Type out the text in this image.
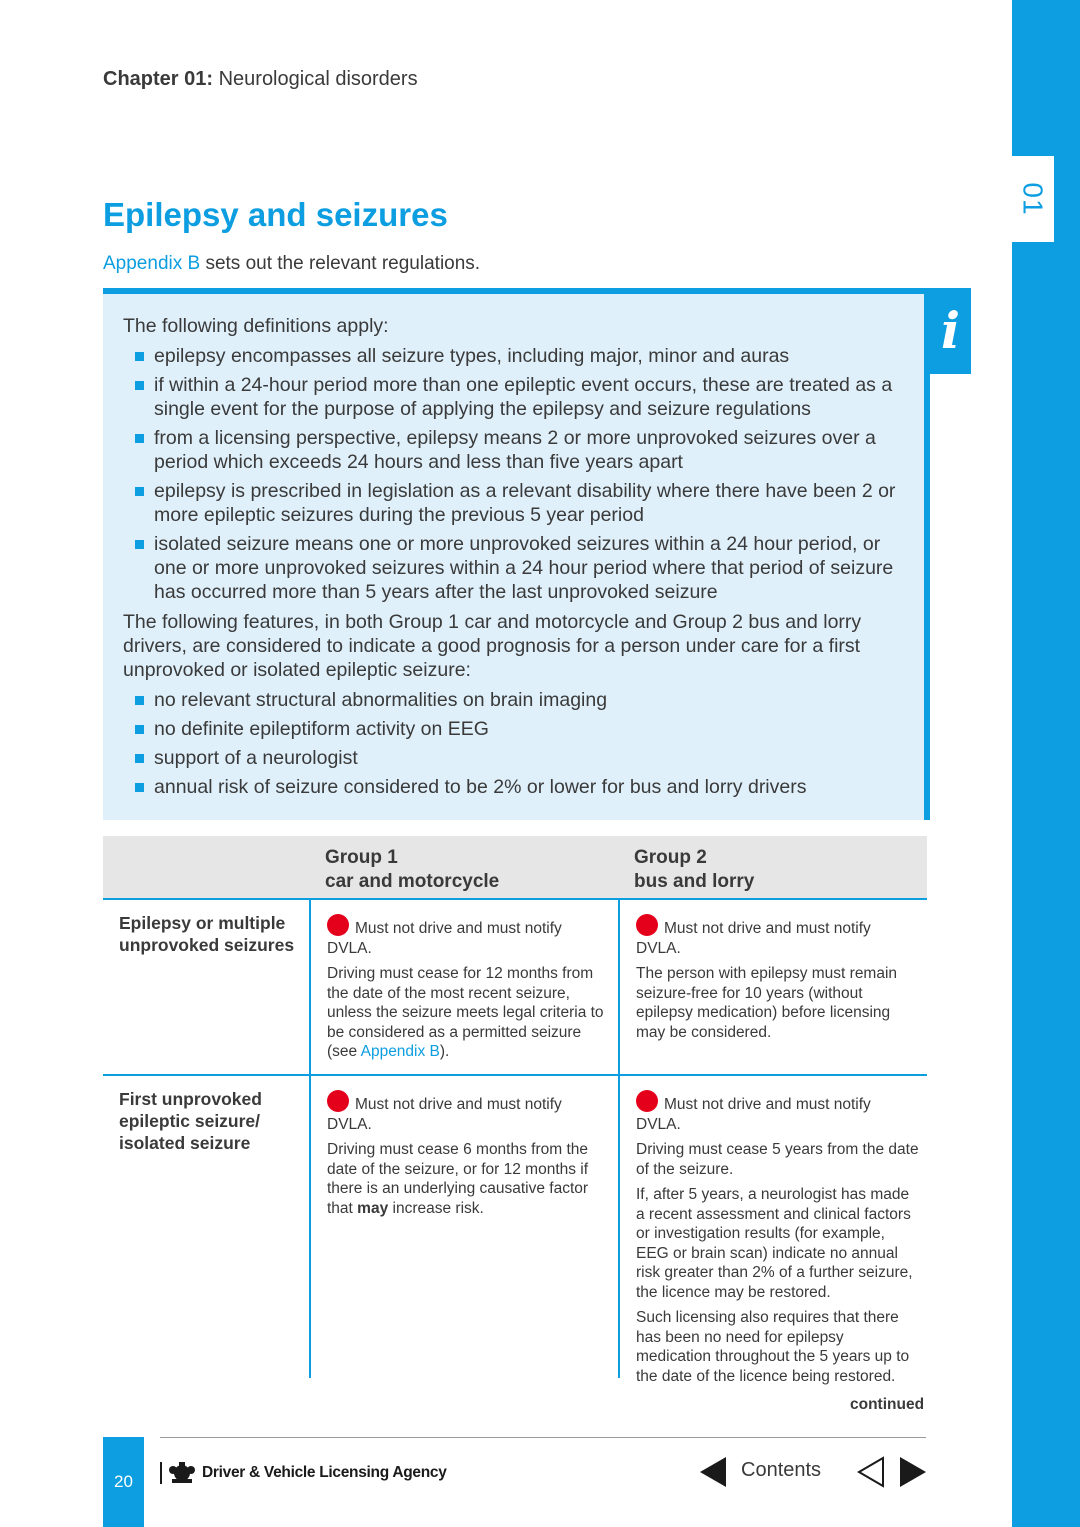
01
Chapter 01: Neurological disorders
Epilepsy and seizures
Appendix B sets out the relevant regulations.
i

The following definitions apply:

epilepsy encompasses all seizure types, including major, minor and auras
if within a 24-hour period more than one epileptic event occurs, these are treated as a single event for the purpose of applying the epilepsy and seizure regulations
from a licensing perspective, epilepsy means 2 or more unprovoked seizures over a period which exceeds 24 hours and less than five years apart
epilepsy is prescribed in legislation as a relevant disability where there have been 2 or more epileptic seizures during the previous 5 year period
isolated seizure means one or more unprovoked seizures within a 24 hour period, or one or more unprovoked seizures within a 24 hour period where that period of seizure has occurred more than 5 years after the last unprovoked seizure

The following features, in both Group 1 car and motorcycle and Group 2 bus and lorry drivers, are considered to indicate a good prognosis for a person under care for a first unprovoked or isolated epileptic seizure:

no relevant structural abnormalities on brain imaging
no definite epileptiform activity on EEG
support of a neurologist
annual risk of seizure considered to be 2% or lower for bus and lorry drivers
Group 1
car and motorcycle
Group 2
bus and lorry
Epilepsy or multiple unprovoked seizures

Must not drive and must notify DVLA.

Driving must cease for 12 months from the date of the most recent seizure, unless the seizure meets legal criteria to be considered as a permitted seizure (see Appendix B).

Must not drive and must notify DVLA.

The person with epilepsy must remain seizure-free for 10 years (without epilepsy medication) before licensing may be considered.

First unprovoked epileptic seizure/ isolated seizure

Must not drive and must notify DVLA.

Driving must cease 6 months from the date of the seizure, or for 12 months if there is an underlying causative factor that may increase risk.

Must not drive and must notify DVLA.

Driving must cease 5 years from the date of the seizure.

If, after 5 years, a neurologist has made a recent assessment and clinical factors or investigation results (for example, EEG or brain scan) indicate no annual risk greater than 2% of a further seizure, the licence may be restored.

Such licensing also requires that there has been no need for epilepsy medication throughout the 5 years up to the date of the licence being restored.

continued
20	Driver & Vehicle Licensing Agency	Contents
